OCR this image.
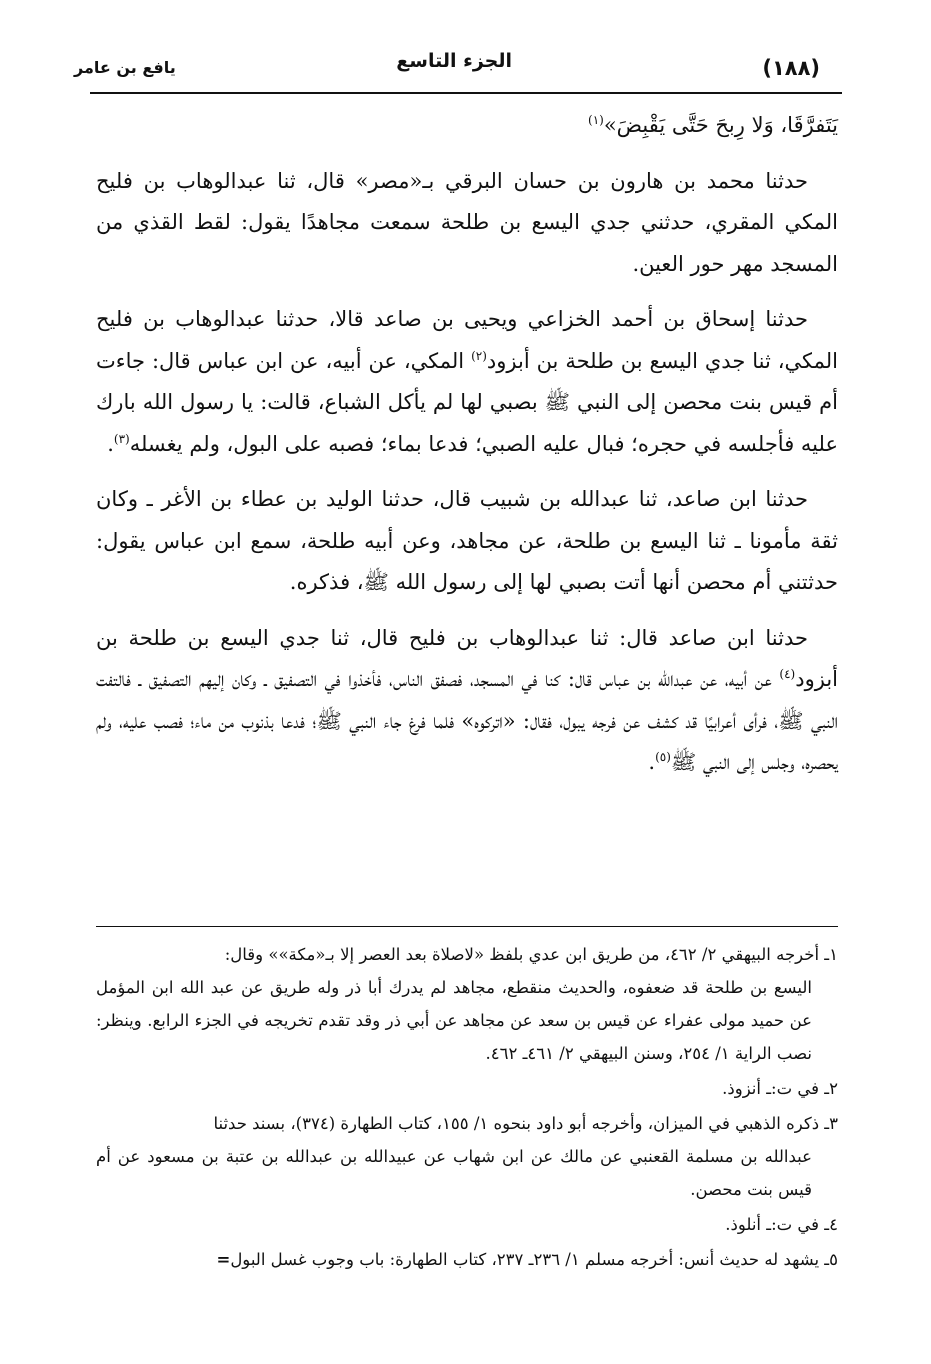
(١٨٨)
الجزء التاسع
يافع بن عامر

يَتَفرَّقَا، وَلا رِبحَ حَتَّى يَقْبِضَ»$^{(١)}$

حدثنا محمد بن هارون بن حسان البرقي بـ«مصر» قال، ثنا عبدالوهاب بن فليح المكي المقري، حدثني جدي اليسع بن طلحة سمعت مجاهدًا يقول: لقط القذي من المسجد مهر حور العين.

حدثنا إسحاق بن أحمد الخزاعي ويحيى بن صاعد قالا، حدثنا عبدالوهاب بن فليح المكي، ثنا جدي اليسع بن طلحة بن أبزود$^{(٢)}$ المكي، عن أبيه، عن ابن عباس قال: جاءت أم قيس بنت محصن إلى النبي ﷺ بصبي لها لم يأكل الشباع، قالت: يا رسول الله بارك عليه فأجلسه في حجره؛ فبال عليه الصبي؛ فدعا بماء؛ فصبه على البول، ولم يغسله$^{(٣)}$.

حدثنا ابن صاعد، ثنا عبدالله بن شبيب قال، حدثنا الوليد بن عطاء بن الأغر ـ وكان ثقة مأمونا ـ ثنا اليسع بن طلحة، عن مجاهد، وعن أبيه طلحة، سمع ابن عباس يقول: حدثتني أم محصن أنها أتت بصبي لها إلى رسول الله ﷺ، فذكره.

حدثنا ابن صاعد قال: ثنا عبدالوهاب بن فليح قال، ثنا جدي اليسع بن طلحة بن أبزود$^{(٤)}$ عن أبيه، عن عبدالله بن عباس قال: كنا في المسجد، فصفق الناس، فأخذوا في التصفيق ـ وكان إليهم التصفيق ـ فالتفت النبي ﷺ، فرأى أعرابيًا قد كشف عن فرجه يبول، فقال: «اتركوه» فلما فرغ جاء النبي ﷺ؛ فدعا بذنوب من ماء؛ فصب عليه، ولم يحصره، وجلس إلى النبي ﷺ$^{(٥)}$.

١ـ أخرجه البيهقي ٢/ ٤٦٢، من طريق ابن عدي بلفظ «لاصلاة بعد العصر إلا بـ«مكة»» وقال:
اليسع بن طلحة قد ضعفوه، والحديث منقطع، مجاهد لم يدرك أبا ذر وله طريق عن عبد الله ابن المؤمل عن حميد مولى عفراء عن قيس بن سعد عن مجاهد عن أبي ذر وقد تقدم تخريجه في الجزء الرابع. وينظر: نصب الراية ١/ ٢٥٤، وسنن البيهقي ٢/ ٤٦١ـ ٤٦٢.
٢ـ في ت:ـ أنزوذ.
٣ـ ذكره الذهبي في الميزان، وأخرجه أبو داود بنحوه ١/ ١٥٥، كتاب الطهارة (٣٧٤)، بسند حدثنا
عبدالله بن مسلمة القعنبي عن مالك عن ابن شهاب عن عبيدالله بن عبدالله بن عتبة بن مسعود عن أم قيس بنت محصن.
٤ـ في ت:ـ أنلوذ.
٥ـ يشهد له حديث أنس: أخرجه مسلم ١/ ٢٣٦ـ ٢٣٧، كتاب الطهارة: باب وجوب غسل البول=
